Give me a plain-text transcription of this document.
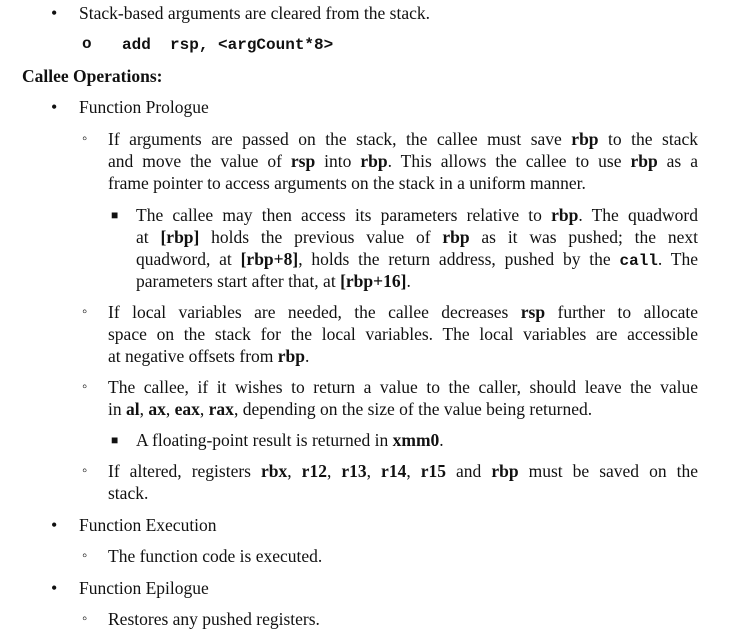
• Stack-based arguments are cleared from the stack.
o add  rsp, <argCount*8>
Callee Operations:
• Function Prologue
◦ If arguments are passed on the stack, the callee must save rbp to the stack
and move the value of rsp into rbp. This allows the callee to use rbp as a
frame pointer to access arguments on the stack in a uniform manner.
■ The callee may then access its parameters relative to rbp. The quadword
at [rbp] holds the previous value of rbp as it was pushed; the next
quadword, at [rbp+8], holds the return address, pushed by the call. The
parameters start after that, at [rbp+16].
◦ If local variables are needed, the callee decreases rsp further to allocate
space on the stack for the local variables. The local variables are accessible
at negative offsets from rbp.
◦ The callee, if it wishes to return a value to the caller, should leave the value
in al, ax, eax, rax, depending on the size of the value being returned.
■ A floating-point result is returned in xmm0.
◦ If altered, registers rbx, r12, r13, r14, r15 and rbp must be saved on the
stack.
• Function Execution
◦ The function code is executed.
• Function Epilogue
◦ Restores any pushed registers.
